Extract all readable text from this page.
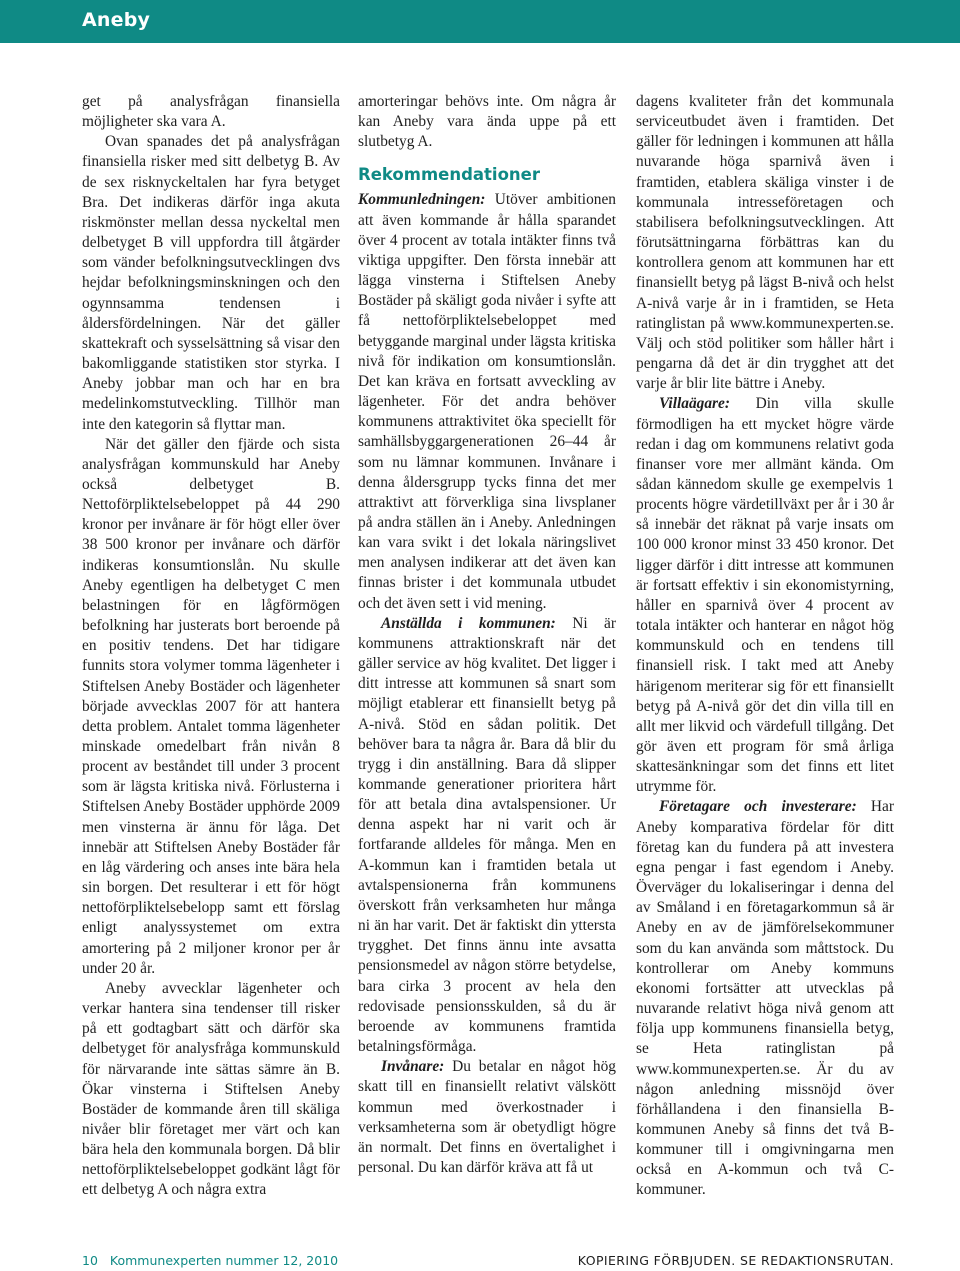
Aneby

get på analysfrågan finansiella möjligheter ska vara A.

Ovan spanades det på analysfrågan finansiella risker med sitt delbetyg B. Av de sex risknyckeltalen har fyra betyget Bra. Det indikeras därför inga akuta riskmönster mellan dessa nyckeltal men delbetyget B vill uppfordra till åtgärder som vänder befolkningsutvecklingen dvs hejdar befolkningsminskningen och den ogynnsamma tendensen i åldersfördelningen. När det gäller skattekraft och sysselsättning så visar den bakomliggande statistiken stor styrka. I Aneby jobbar man och har en bra medelinkomstutveckling. Tillhör man inte den kategorin så flyttar man.

När det gäller den fjärde och sista analysfrågan kommunskuld har Aneby också delbetyget B. Nettoförpliktelsebeloppet på 44 290 kronor per invånare är för högt eller över 38 500 kronor per invånare och därför indikeras konsumtionslån. Nu skulle Aneby egentligen ha delbetyget C men belastningen för en lågförmögen befolkning har justerats bort beroende på en positiv tendens. Det har tidigare funnits stora volymer tomma lägenheter i Stiftelsen Aneby Bostäder och lägenheter började avvecklas 2007 för att hantera detta problem. Antalet tomma lägenheter minskade omedelbart från nivån 8 procent av beståndet till under 3 procent som är lägsta kritiska nivå. Förlusterna i Stiftelsen Aneby Bostäder upphörde 2009 men vinsterna är ännu för låga. Det innebär att Stiftelsen Aneby Bostäder får en låg värdering och anses inte bära hela sin borgen. Det resulterar i ett för högt nettoförpliktelsebelopp samt ett förslag enligt analyssystemet om extra amortering på 2 miljoner kronor per år under 20 år.

Aneby avvecklar lägenheter och verkar hantera sina tendenser till risker på ett godtagbart sätt och därför ska delbetyget för analysfråga kommunskuld för närvarande inte sättas sämre än B. Ökar vinsterna i Stiftelsen Aneby Bostäder de kommande åren till skäliga nivåer blir företaget mer värt och kan bära hela den kommunala borgen. Då blir nettoförpliktelsebeloppet godkänt lågt för ett delbetyg A och några extra

amorteringar behövs inte. Om några år kan Aneby vara ända uppe på ett slutbetyg A.

Rekommendationer

Kommunledningen: Utöver ambitionen att även kommande år hålla sparandet över 4 procent av totala intäkter finns två viktiga uppgifter. Den första innebär att lägga vinsterna i Stiftelsen Aneby Bostäder på skäligt goda nivåer i syfte att få nettoförpliktelsebeloppet med betyggande marginal under lägsta kritiska nivå för indikation om konsumtionslån. Det kan kräva en fortsatt avveckling av lägenheter. För det andra behöver kommunens attraktivitet öka speciellt för samhällsbyggargenerationen 26–44 år som nu lämnar kommunen. Invånare i denna åldersgrupp tycks finna det mer attraktivt att förverkliga sina livsplaner på andra ställen än i Aneby. Anledningen kan vara svikt i det lokala näringslivet men analysen indikerar att det även kan finnas brister i det kommunala utbudet och det även sett i vid mening.

Anställda i kommunen: Ni är kommunens attraktionskraft när det gäller service av hög kvalitet. Det ligger i ditt intresse att kommunen så snart som möjligt etablerar ett finansiellt betyg på A-nivå. Stöd en sådan politik. Det behöver bara ta några år. Bara då blir du trygg i din anställning. Bara då slipper kommande generationer prioritera hårt för att betala dina avtalspensioner. Ur denna aspekt har ni varit och är fortfarande alldeles för många. Men en A-kommun kan i framtiden betala ut avtalspensionerna från kommunens överskott från verksamheten hur många ni än har varit. Det är faktiskt din yttersta trygghet. Det finns ännu inte avsatta pensionsmedel av någon större betydelse, bara cirka 3 procent av hela den redovisade pensionsskulden, så du är beroende av kommunens framtida betalningsförmåga.

Invånare: Du betalar en något hög skatt till en finansiellt relativt välskött kommun med överkostnader i verksamheterna som är obetydligt högre än normalt. Det finns en övertalighet i personal. Du kan därför kräva att få ut

dagens kvaliteter från det kommunala serviceutbudet även i framtiden. Det gäller för ledningen i kommunen att hålla nuvarande höga sparnivå även i framtiden, etablera skäliga vinster i de kommunala intresseföretagen och stabilisera befolkningsutvecklingen. Att förutsättningarna förbättras kan du kontrollera genom att kommunen har ett finansiellt betyg på lägst B-nivå och helst A-nivå varje år in i framtiden, se Heta ratinglistan på www.kommunexperten.se. Välj och stöd politiker som håller hårt i pengarna då det är din trygghet att det varje år blir lite bättre i Aneby.

Villaägare: Din villa skulle förmodligen ha ett mycket högre värde redan i dag om kommunens relativt goda finanser vore mer allmänt kända. Om sådan kännedom skulle ge exempelvis 1 procents högre värdetillväxt per år i 30 år så innebär det räknat på varje insats om 100 000 kronor minst 33 450 kronor. Det ligger därför i ditt intresse att kommunen är fortsatt effektiv i sin ekonomistyrning, håller en sparnivå över 4 procent av totala intäkter och hanterar en något hög kommunskuld och en tendens till finansiell risk. I takt med att Aneby härigenom meriterar sig för ett finansiellt betyg på A-nivå gör det din villa till en allt mer likvid och värdefull tillgång. Det gör även ett program för små årliga skattesänkningar som det finns ett litet utrymme för.

Företagare och investerare: Har Aneby komparativa fördelar för ditt företag kan du fundera på att investera egna pengar i fast egendom i Aneby. Överväger du lokaliseringar i denna del av Småland i en företagarkommun så är Aneby en av de jämförelsekommuner som du kan använda som måttstock. Du kontrollerar om Aneby kommuns ekonomi fortsätter att utvecklas på nuvarande relativt höga nivå genom att följa upp kommunens finansiella betyg, se Heta ratinglistan på www.kommunexperten.se. Är du av någon anledning missnöjd över förhållandena i den finansiella B-kommunen Aneby så finns det två B-kommuner till i omgivningarna men också en A-kommun och två C-kommuner.

10 Kommunexperten nummer 12, 2010	KOPIERING FÖRBJUDEN. SE REDAKTIONSRUTAN.
